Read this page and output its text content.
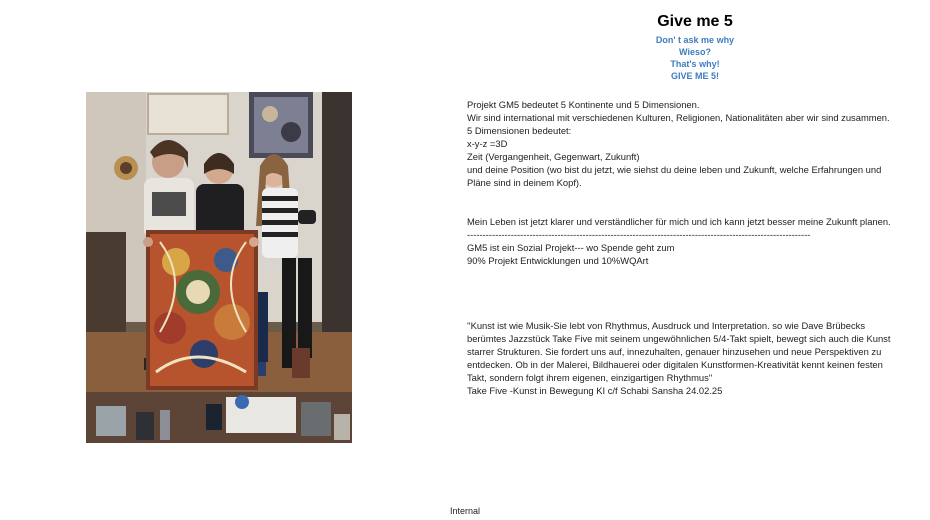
Give me 5
Don' t ask me why
Wieso?
That's why!
GIVE ME 5!

Projekt GM5 bedeutet 5 Kontinente und 5 Dimensionen.

Wir sind international mit verschiedenen Kulturen, Religionen, Nationalitäten aber wir sind zusammen.

5 Dimensionen bedeutet:

x-y-z =3D

Zeit (Vergangenheit, Gegenwart, Zukunft)

und deine Position (wo bist du jetzt, wie siehst du deine leben und Zukunft, welche Erfahrungen und

Pläne sind in deinem Kopf).

Mein Leben ist jetzt klarer und verständlicher für mich und ich kann jetzt besser meine Zukunft planen.

--------------------------------------------------------------------------------------------------------------

GM5 ist ein Sozial Projekt--- wo Spende geht zum

90% Projekt Entwicklungen und 10%WQArt

''Kunst ist wie Musik-Sie lebt von Rhythmus, Ausdruck und Interpretation. so wie Dave Brübecks

berümtes Jazzstück Take Five mit seinem ungewöhnlichen 5/4-Takt spielt, bewegt sich auch die Kunst

starrer Strukturen. Sie fordert uns auf, innezuhalten, genauer hinzusehen und neue Perspektiven zu

entdecken. Ob in der Malerei, Bildhauerei oder digitalen Kunstformen-Kreativität kennt keinen festen

Takt, sondern folgt ihrem eigenen, einzigartigen Rhythmus''

Take Five -Kunst in Bewegung KI c/f Schabi Sansha 24.02.25

Internal
